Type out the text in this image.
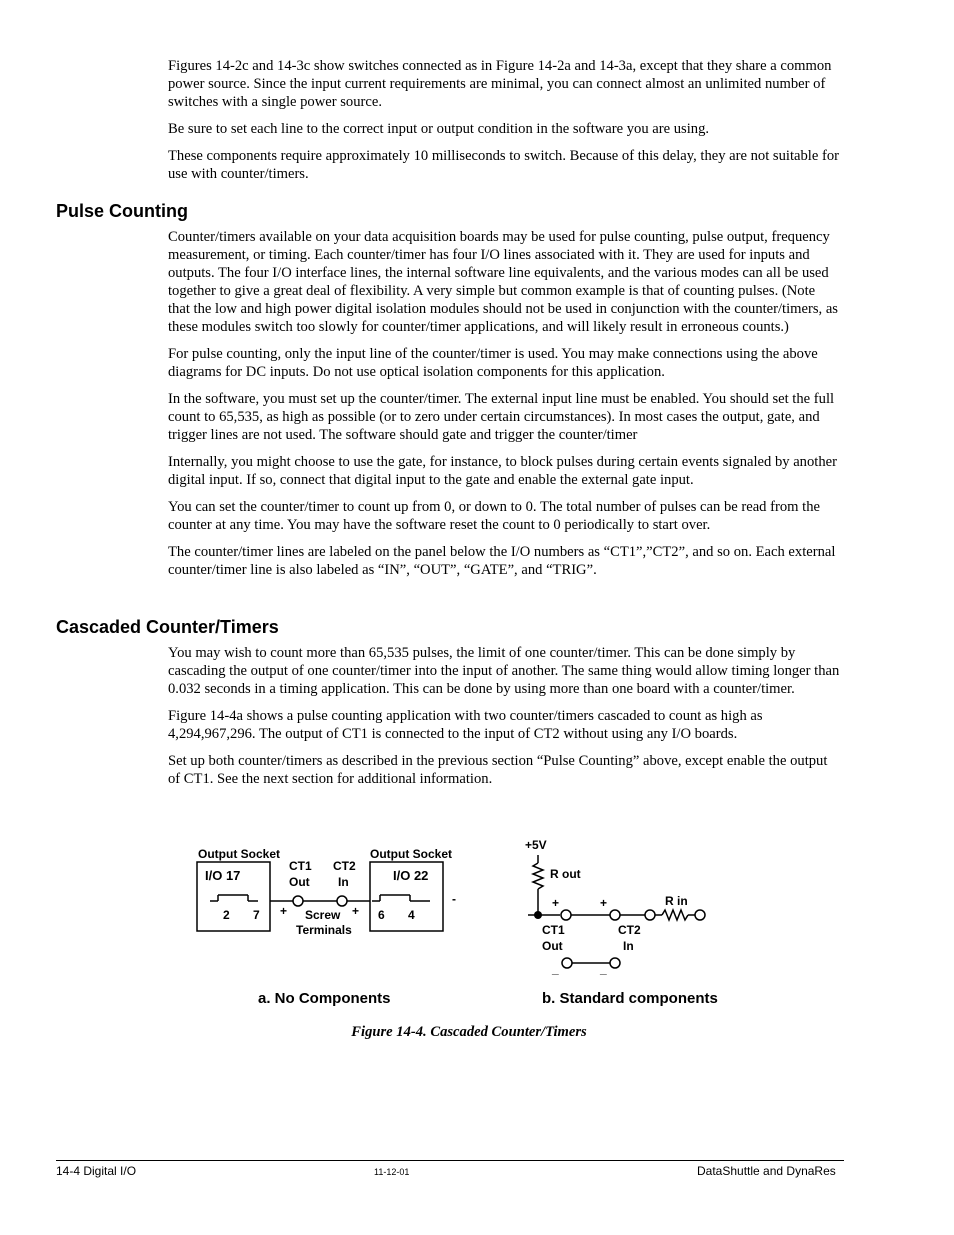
Figures 14-2c and 14-3c show switches connected as in Figure 14-2a and 14-3a, except that they share a common power source. Since the input current requirements are minimal, you can connect almost an unlimited number of switches with a single power source.

Be sure to set each line to the correct input or output condition in the software you are using.

These components require approximately 10 milliseconds to switch. Because of this delay, they are not suitable for use with counter/timers.

Pulse Counting

Counter/timers available on your data acquisition boards may be used for pulse counting, pulse output, frequency measurement, or timing. Each counter/timer has four I/O lines associated with it. They are used for inputs and outputs. The four I/O interface lines, the internal software line equivalents, and the various modes can all be used together to give a great deal of flexibility. A very simple but common example is that of counting pulses. (Note that the low and high power digital isolation modules should not be used in conjunction with the counter/timers, as these modules switch too slowly for counter/timer applications, and will likely result in erroneous counts.)

For pulse counting, only the input line of the counter/timer is used. You may make connections using the above diagrams for DC inputs. Do not use optical isolation components for this application.

In the software, you must set up the counter/timer. The external input line must be enabled. You should set the full count to 65,535, as high as possible (or to zero under certain circumstances). In most cases the output, gate, and trigger lines are not used. The software should gate and trigger the counter/timer

Internally, you might choose to use the gate, for instance, to block pulses during certain events signaled by another digital input. If so, connect that digital input to the gate and enable the external gate input.

You can set the counter/timer to count up from 0, or down to 0. The total number of pulses can be read from the counter at any time. You may have the software reset the count to 0 periodically to start over.

The counter/timer lines are labeled on the panel below the I/O numbers as “CT1”,”CT2”, and so on. Each external counter/timer line is also labeled as “IN”, “OUT”, “GATE”, and “TRIG”.

Cascaded Counter/Timers

You may wish to count more than 65,535 pulses, the limit of one counter/timer. This can be done simply by cascading the output of one counter/timer into the input of another. The same thing would allow timing longer than 0.032 seconds in a timing application. This can be done by using more than one board with a counter/timer.

Figure 14-4a shows a pulse counting application with two counter/timers cascaded to count as high as 4,294,967,296. The output of CT1 is connected to the input of CT2 without using any I/O boards.

Set up both counter/timers as described in the previous section “Pulse Counting” above, except enable the output of CT1. See the next section for additional information.

Output Socket
I/O 17
2 7
CT1
Out
CT2
In
+	+
Screw
Terminals
Output Socket
I/O 22
6 4
-
a. No Components
+5V
R out
R in
+	+
CT1
Out
CT2
In
_	_
b. Standard components
Figure 14-4. Cascaded Counter/Timers
14-4 Digital I/O	11-12-01	DataShuttle and DynaRes
